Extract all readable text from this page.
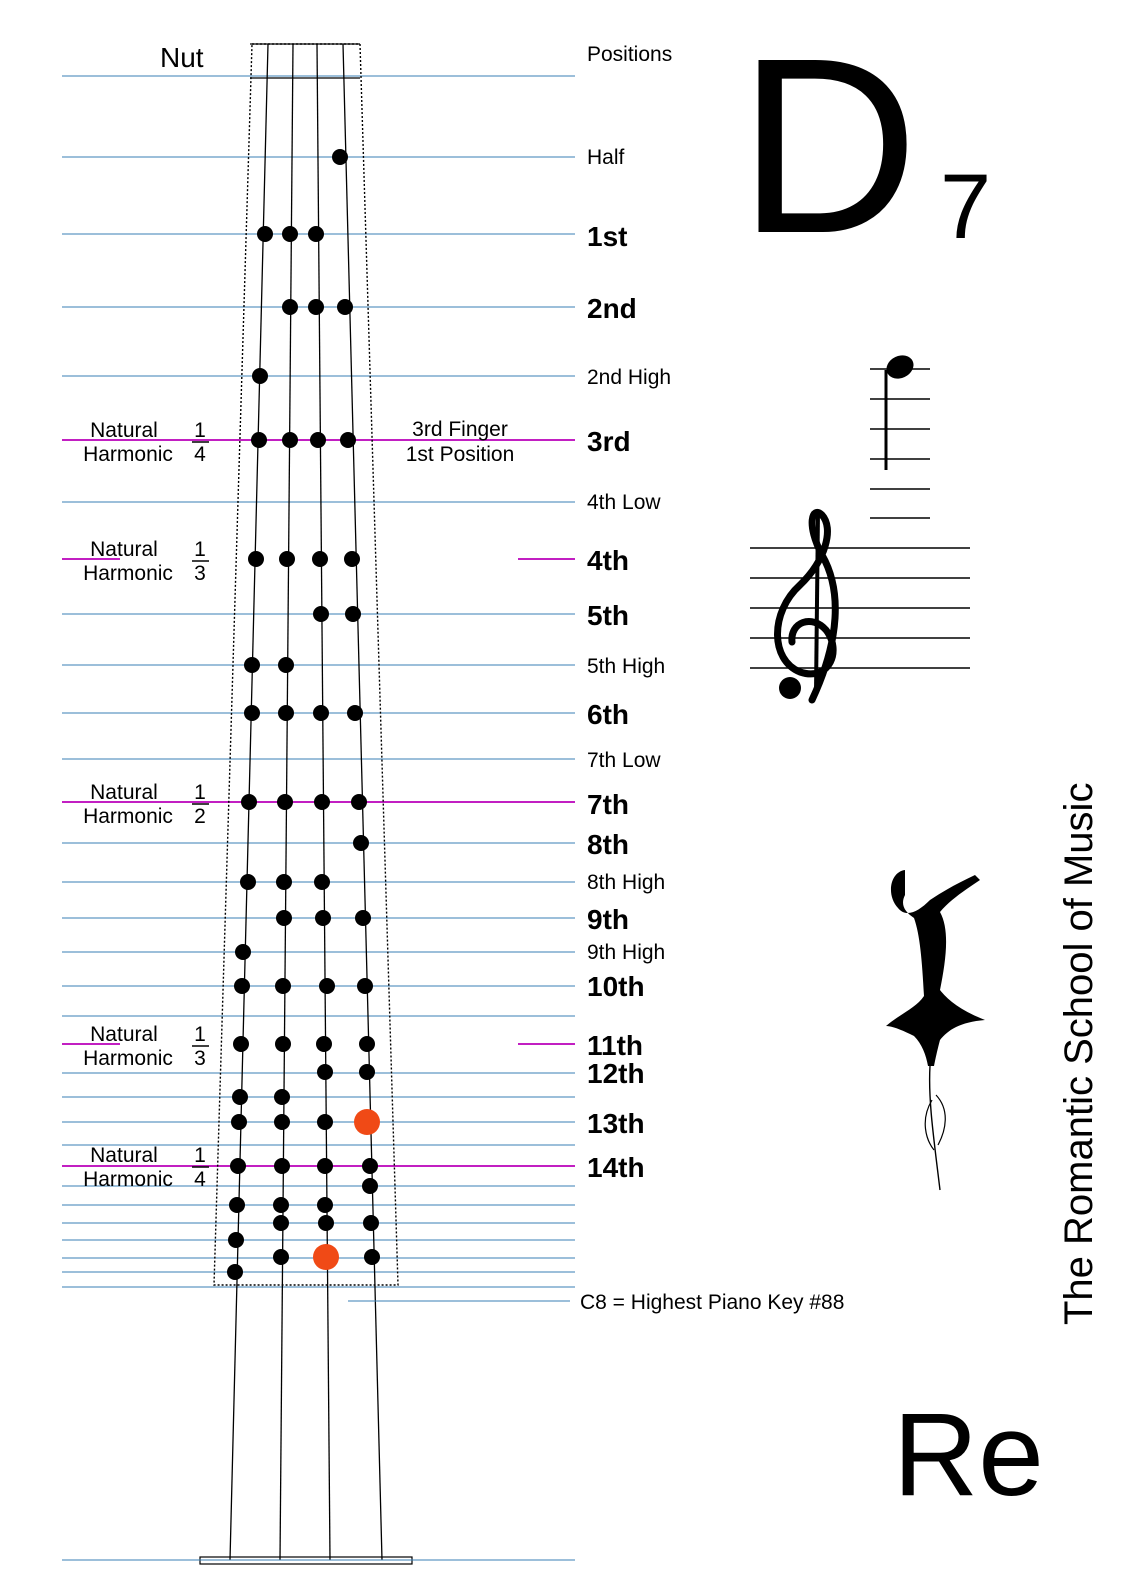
Nut	Positions
Half
1st
2nd
2nd High
3rd
4th Low
4th
5th
5th High
6th
7th Low
7th
8th
8th High
9th
9th High
10th
11th
12th
13th
14th
Natural
Harmonic
1
4
Natural
Harmonic
1
3
Natural
Harmonic
1
2
Natural
Harmonic
1
3
Natural
Harmonic
1
4
3rd Finger
1st Position
C8 = Highest Piano Key #88
D 7
The Romantic School of Music
Re
